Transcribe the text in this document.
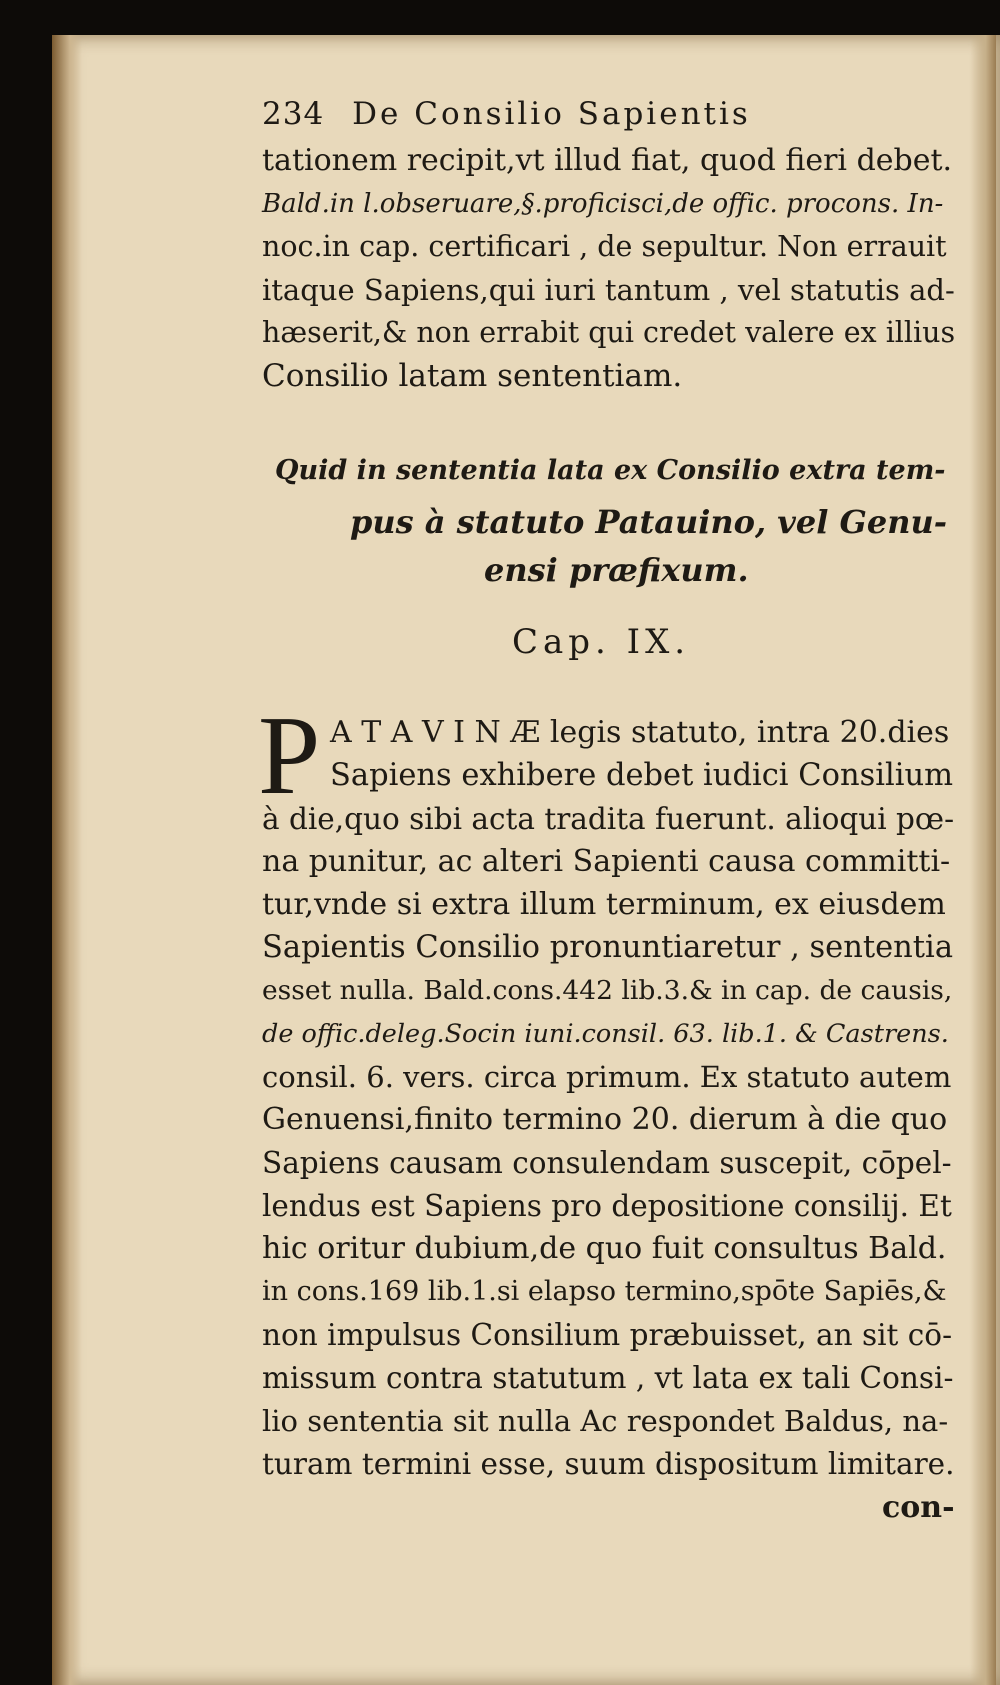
234 De Consilio Sapientis
tationem recipit,vt illud fiat, quod fieri debet.
Bald.in l.obseruare,§.proficisci,de offic. procons. In-
noc.in cap. certificari , de sepultur. Non errauit
itaque Sapiens,qui iuri tantum , vel statutis ad-
hæserit,& non errabit qui credet valere ex illius
Consilio latam sententiam.
Quid in sententia lata ex Consilio extra tem-
pus à statuto Patauino, vel Genu-
ensi præfixum.
Cap. IX.
P A T A V I N Æ legis statuto, intra 20.dies
Sapiens exhibere debet iudici Consilium
à die,quo sibi acta tradita fuerunt. alioqui pœ-
na punitur, ac alteri Sapienti causa committi-
tur,vnde si extra illum terminum, ex eiusdem
Sapientis Consilio pronuntiaretur , sententia
esset nulla. Bald.cons.442 lib.3.& in cap. de causis,
de offic.deleg.Socin iuni.consil. 63. lib.1. & Castrens.
consil. 6. vers. circa primum. Ex statuto autem
Genuensi,finito termino 20. dierum à die quo
Sapiens causam consulendam suscepit, cōpel-
lendus est Sapiens pro depositione consilij. Et
hic oritur dubium,de quo fuit consultus Bald.
in cons.169 lib.1.si elapso termino,spōte Sapiēs,&
non impulsus Consilium præbuisset, an sit cō-
missum contra statutum , vt lata ex tali Consi-
lio sententia sit nulla Ac respondet Baldus, na-
turam termini esse, suum dispositum limitare.
con-
